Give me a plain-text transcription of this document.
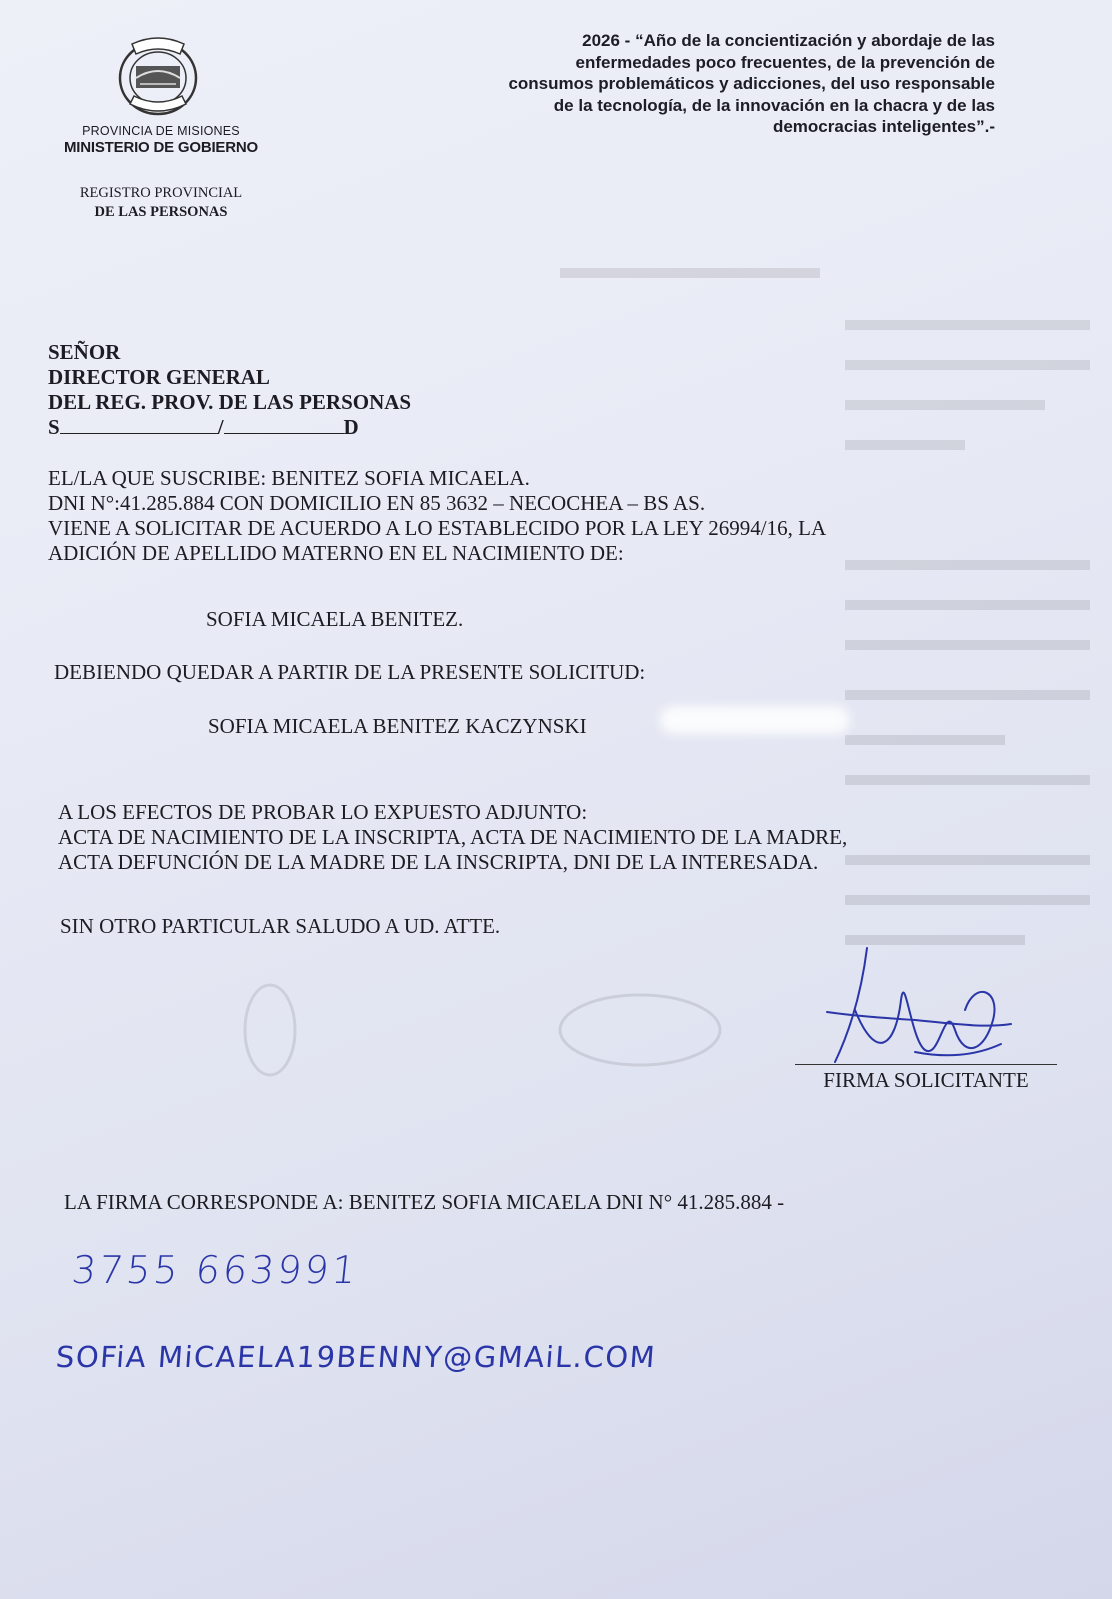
PROVINCIA DE MISIONES
MINISTERIO DE GOBIERNO
REGISTRO PROVINCIAL
DE LAS PERSONAS
2026 - “Año de la concientización y abordaje de las
enfermedades poco frecuentes, de la prevención de
consumos problemáticos y adicciones, del uso responsable
de la tecnología, de la innovación en la chacra y de las
democracias inteligentes”.-
SEÑOR
DIRECTOR GENERAL
DEL REG. PROV. DE LAS PERSONAS
S	/	D
EL/LA QUE SUSCRIBE: BENITEZ SOFIA MICAELA.
DNI N°:41.285.884 CON DOMICILIO EN 85 3632 – NECOCHEA – BS AS.
VIENE A SOLICITAR DE ACUERDO A LO ESTABLECIDO POR LA LEY 26994/16, LA
ADICIÓN DE APELLIDO MATERNO EN EL NACIMIENTO DE:
SOFIA MICAELA BENITEZ.
DEBIENDO QUEDAR A PARTIR DE LA PRESENTE SOLICITUD:
SOFIA MICAELA BENITEZ KACZYNSKI
A LOS EFECTOS DE PROBAR LO EXPUESTO ADJUNTO:
ACTA DE NACIMIENTO DE LA INSCRIPTA, ACTA DE NACIMIENTO DE LA MADRE,
ACTA DEFUNCIÓN DE LA MADRE DE LA INSCRIPTA, DNI DE LA INTERESADA.
SIN OTRO PARTICULAR SALUDO A UD. ATTE.
FIRMA SOLICITANTE
LA FIRMA CORRESPONDE A: BENITEZ SOFIA MICAELA DNI N° 41.285.884 -
3755 663991
SOFiA MiCAELA19BENNY@GMAiL.COM
